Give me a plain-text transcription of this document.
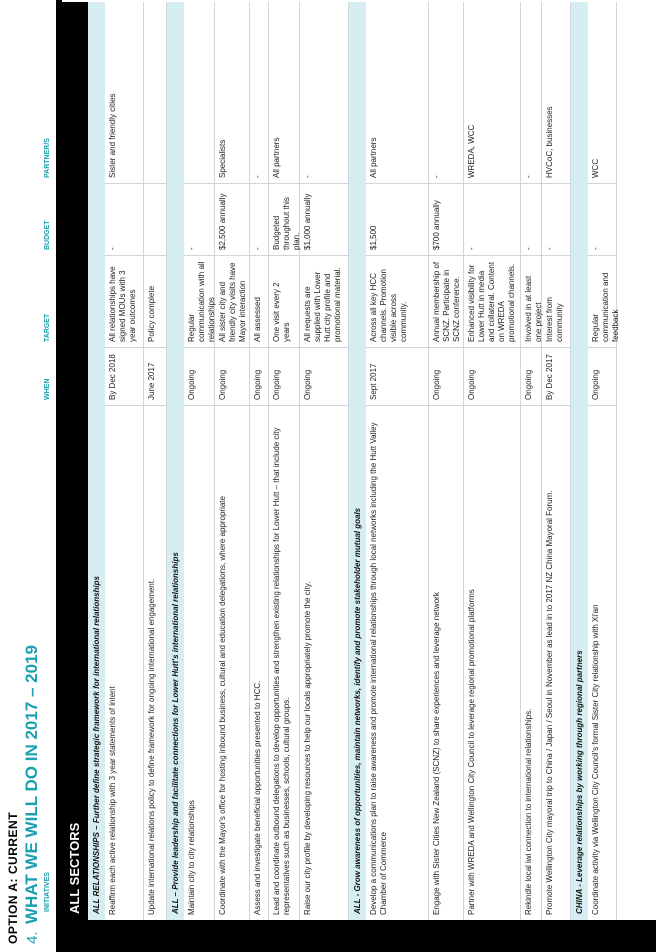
OPTION A: CURRENT 4.
WHAT WE WILL DO IN 2017 – 2019 INITIATIVES
WHEN
TARGET
BUDGET
PARTNER/S
ALL SECTORS	ALL RELATIONSHIPS – Further define strategic framework for international relationships Reaffirm each active relationship with 3 year statements of intent
By Dec 2018
All relationships have signed MOUs with 3 year outcomes
-
Sister and friendly cities
Update international relations policy to define framework for ongoing international engagement.
June 2017
Policy complete
ALL – Provide leadership and facilitate connections for Lower Hutt's international relationships Maintain city to city relationships
Ongoing
Regular communication with all relationships
-
Coordinate with the Mayor's office for hosting inbound business, cultural and education delegations, where appropriate
Ongoing
All sister city and friendly city visits have Mayor interaction
$2,500 annually
Specialists
Assess and investigate beneficial opportunities presented to HCC.
Ongoing
All assessed
-
-
Lead and coordinate outbound delegations to develop opportunities and strengthen existing relationships for Lower Hutt – that include city representatives such as businesses, schools, cultural groups.
Ongoing
One visit every 2 years
Budgeted throughout this plan.
All partners
Raise our city profile by developing resources to help our locals appropriately promote the city.
Ongoing
All requests are supplied with Lower Hutt city profile and promotional material.
$1,000 annually
-
ALL - Grow awareness of opportunities, maintain networks, identify and promote stakeholder mutual goals Develop a communications plan to raise awareness and promote international relationships through local networks including the Hutt Valley Chamber of Commerce
Sept 2017
Across all key HCC channels. Promotion visible across community.
$1,500
All partners
Engage with Sister Cities New Zealand (SCNZ) to share experiences and leverage network
Ongoing
Annual membership of SCNZ. Participate in SCNZ conference.
$700 annually
-
Partner with WREDA and Wellington City Council to leverage regional promotional platforms
Ongoing
Enhanced visibility for Lower Hutt in media and collateral. Content on WREDA promotional channels.
-
WREDA, WCC
Rekindle local iwi connection to international relationships.
Ongoing
Involved in at least one project
-
-
Promote Wellington City mayoral trip to China / Japan / Seoul in November as lead in to 2017 NZ China Mayoral Forum.
By Dec 2017
Interest from community
-
HVCoC, businesses
CHINA - Leverage relationships by working through regional partners Coordinate activity via Wellington City Council's formal Sister City relationship with Xi'an
Ongoing
Regular communication and feedback
-
WCC
